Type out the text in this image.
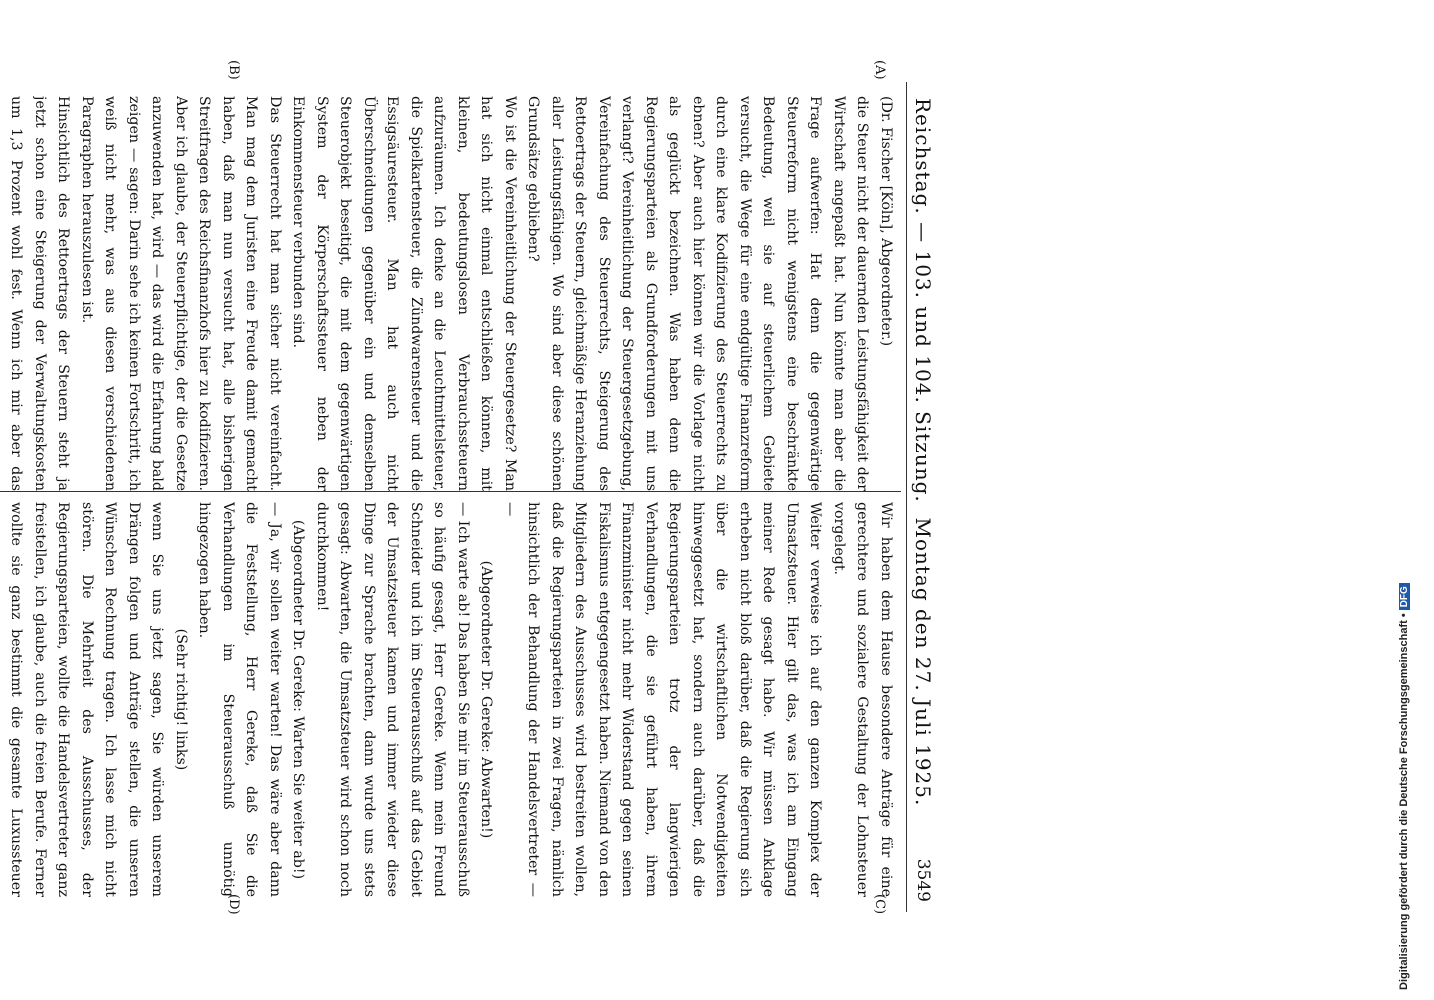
Reichstag. — 103. und 104. Sitzung.  Montag den 27. Juli 1925.
3549
(A)
(B)
(C)
(D)

(Dr. Fischer [Köln], Abgeordneter.)

die Steuer nicht der dauernden Leistungsfähigkeit der Wirtschaft angepaßt hat. Nun könnte man aber die Frage aufwerfen: Hat denn die gegenwärtige Steuerreform nicht wenigstens eine beschränkte Bedeutung, weil sie auf steuerlichem Gebiete versucht, die Wege für eine endgültige Finanzreform durch eine klare Kodifizierung des Steuerrechts zu ebnen? Aber auch hier können wir die Vorlage nicht als geglückt bezeichnen. Was haben denn die Regierungsparteien als Grundforderungen mit uns verlangt? Vereinheitlichung der Steuergesetzgebung, Vereinfachung des Steuerrechts, Steigerung des Rettoertrags der Steuern, gleichmäßige Heranziehung aller Leistungsfähigen. Wo sind aber diese schönen Grundsätze geblieben?

Wo ist die Vereinheitlichung der Steuergesetze? Man hat sich nicht einmal entschließen können, mit kleinen, bedeutungslosen Verbrauchssteuern aufzuräumen. Ich denke an die Leuchtmittelsteuer, die Spielkartensteuer, die Zündwarensteuer und die Essigsäuresteuer. Man hat auch nicht Überschneidungen gegenüber ein und demselben Steuerobjekt beseitigt, die mit dem gegenwärtigen System der Körperschaftssteuer neben der Einkommensteuer verbunden sind.

Das Steuerrecht hat man sicher nicht vereinfacht. Man mag dem Juristen eine Freude damit gemacht haben, daß man nun versucht hat, alle bisherigen Streitfragen des Reichsfinanzhofs hier zu kodifizieren. Aber ich glaube, der Steuerpflichtige, der die Gesetze anzuwenden hat, wird — das wird die Erfahrung bald zeigen — sagen: Darin sehe ich keinen Fortschritt, ich weiß nicht mehr, was aus diesen verschiedenen Paragraphen herauszulesen ist.

Hinsichtlich des Rettoertrags der Steuern steht ja jetzt schon eine Steigerung der Verwaltungskosten um 1,3 Prozent wohl fest. Wenn ich mir aber das

Wir haben dem Hause besondere Anträge für eine gerechtere und sozialere Gestaltung der Lohnsteuer vorgelegt.

Weiter verweise ich auf den ganzen Komplex der Umsatzsteuer. Hier gilt das, was ich am Eingang meiner Rede gesagt habe. Wir müssen Anklage erheben nicht bloß darüber, daß die Regierung sich über die wirtschaftlichen Notwendigkeiten hinweggesetzt hat, sondern auch darüber, daß die Regierungsparteien trotz der langwierigen Verhandlungen, die sie geführt haben, ihrem Finanzminister nicht mehr Widerstand gegen seinen Fiskalismus entgegengesetzt haben. Niemand von den Mitgliedern des Ausschusses wird bestreiten wollen, daß die Regierungsparteien in zwei Fragen, nämlich hinsichtlich der Behandlung der Handelsvertreter — —

(Abgeordneter Dr. Gereke: Abwarten!)

— Ich warte ab! Das haben Sie mir im Steuerausschuß so häufig gesagt, Herr Gereke. Wenn mein Freund Schneider und ich im Steuerausschuß auf das Gebiet der Umsatzsteuer kamen und immer wieder diese Dinge zur Sprache brachten, dann wurde uns stets gesagt: Abwarten, die Umsatzsteuer wird schon noch durchkommen!

(Abgeordneter Dr. Gereke: Warten Sie weiter ab!)

— Ja, wir sollen weiter warten! Das wäre aber dann die Feststellung, Herr Gereke, daß Sie die Verhandlungen im Steuerausschuß unnötig hingezogen haben.

(Sehr richtig! links)

wenn Sie uns jetzt sagen, Sie würden unserem Drängen folgen und Anträge stellen, die unseren Wünschen Rechnung tragen. Ich lasse mich nicht stören. Die Mehrheit des Ausschusses, der Regierungsparteien, wollte die Handelsvertreter ganz freistellen, ich glaube, auch die freien Berufe. Ferner wollte sie ganz bestimmt die gesamte Luxussteuer	Digitalisierung gefördert durch die Deutsche Forschungsgemeinschaft •DFG
